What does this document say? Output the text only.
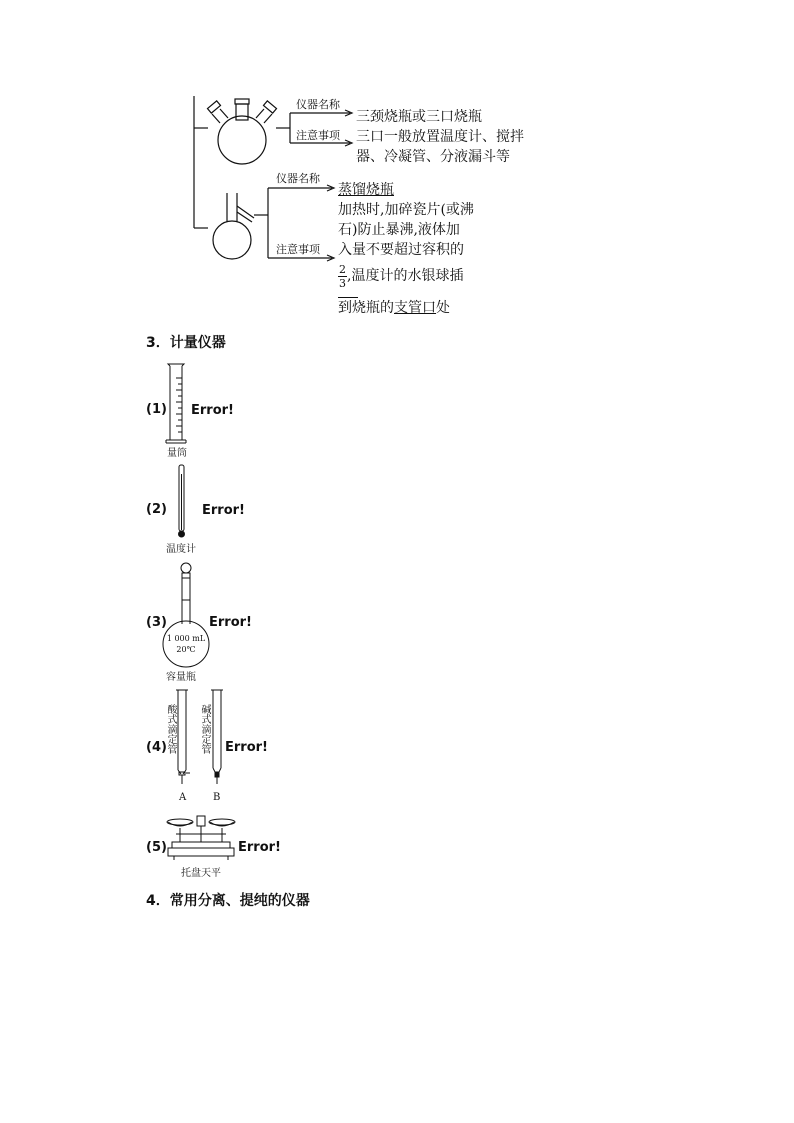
仪器名称
注意事项
仪器名称
注意事项
三颈烧瓶或三口烧瓶
三口一般放置温度计、搅拌
器、冷凝管、分液漏斗等
蒸馏烧瓶
加热时,加碎瓷片(或沸
石)防止暴沸,液体加
入量不要超过容积的
$\frac{2}{3}$ ,温度计的水银球插
到烧瓶的支管口处
3．计量仪器
(1)
量筒
Error!
(2)
温度计
Error!
(3)
1 000 mL
20℃
容量瓶
Error!
(4)
酸式滴定管 碱式滴定管
A	B
Error!
(5)
托盘天平
Error!
4．常用分离、提纯的仪器
